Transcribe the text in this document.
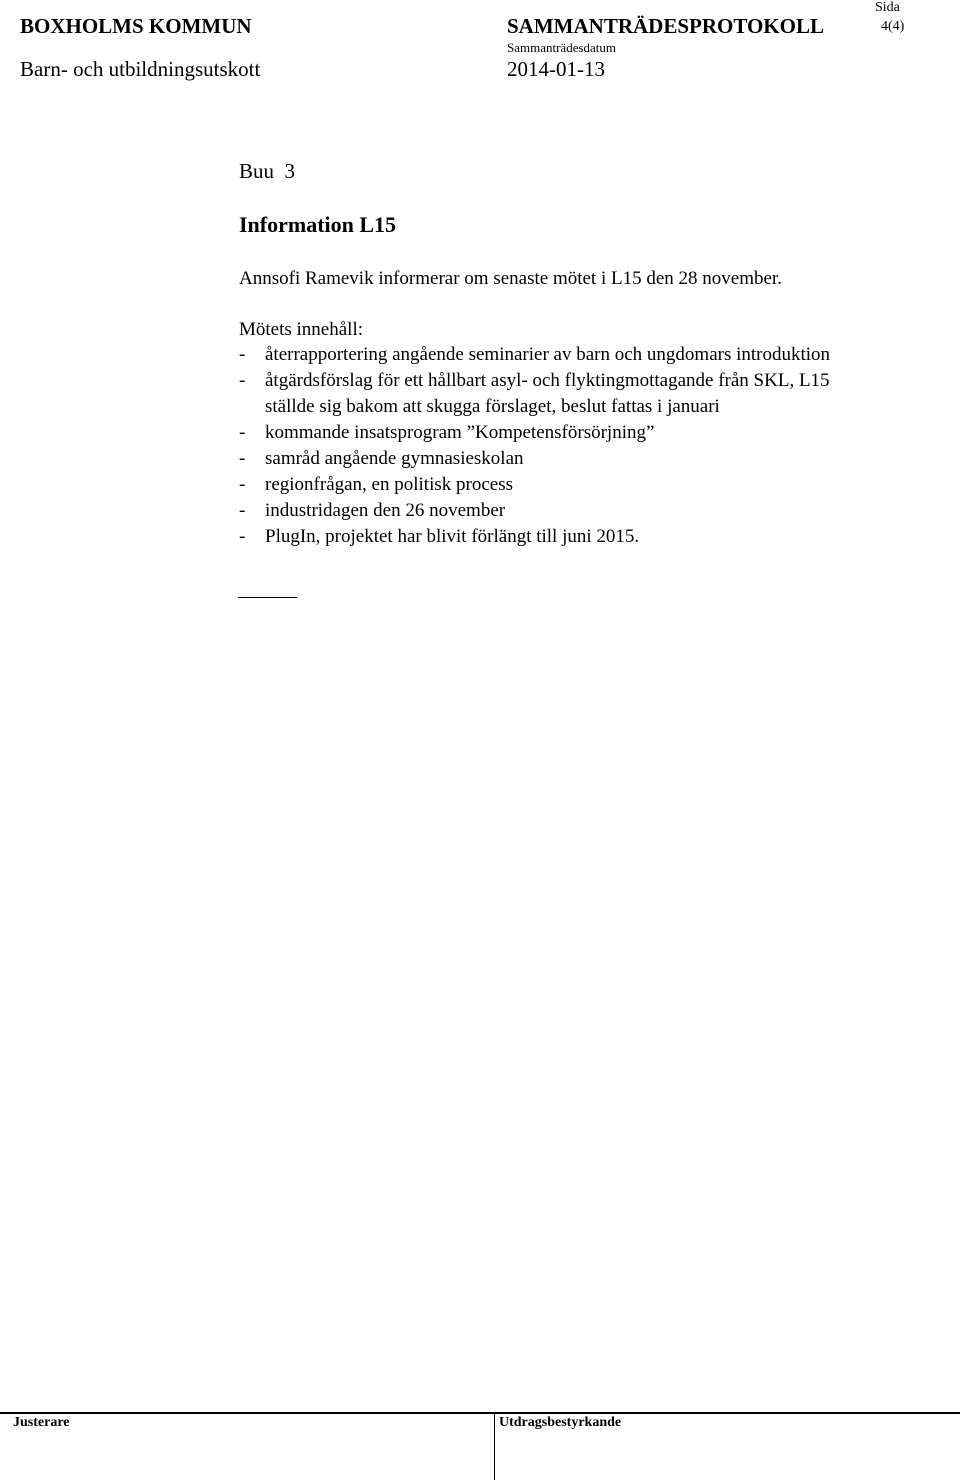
BOXHOLMS KOMMUN
Barn- och utbildningsutskott
SAMMANTRÄDESPROTOKOLL
Sammanträdesdatum
2014-01-13
Sida
4(4)
Buu  3
Information L15
Annsofi Ramevik informerar om senaste mötet i L15 den 28 november.
Mötets innehåll:
- återrapportering angående seminarier av barn och ungdomars introduktion
- åtgärdsförslag för ett hållbart asyl- och flyktingmottagande från SKL, L15
ställde sig bakom att skugga förslaget, beslut fattas i januari
- kommande insatsprogram ”Kompetensförsörjning”
- samråd angående gymnasieskolan
- regionfrågan, en politisk process
- industridagen den 26 november
- PlugIn, projektet har blivit förlängt till juni 2015.
Justerare	Utdragsbestyrkande
